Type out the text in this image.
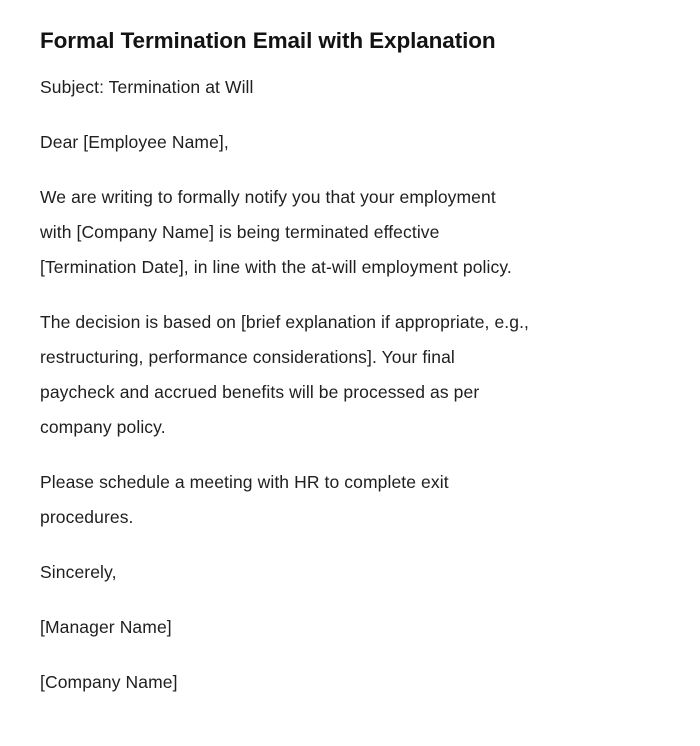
Formal Termination Email with Explanation

Subject: Termination at Will

Dear [Employee Name],

We are writing to formally notify you that your employment
with [Company Name] is being terminated effective
[Termination Date], in line with the at-will employment policy.

The decision is based on [brief explanation if appropriate, e.g.,
restructuring, performance considerations]. Your final
paycheck and accrued benefits will be processed as per
company policy.

Please schedule a meeting with HR to complete exit
procedures.

Sincerely,

[Manager Name]

[Company Name]
